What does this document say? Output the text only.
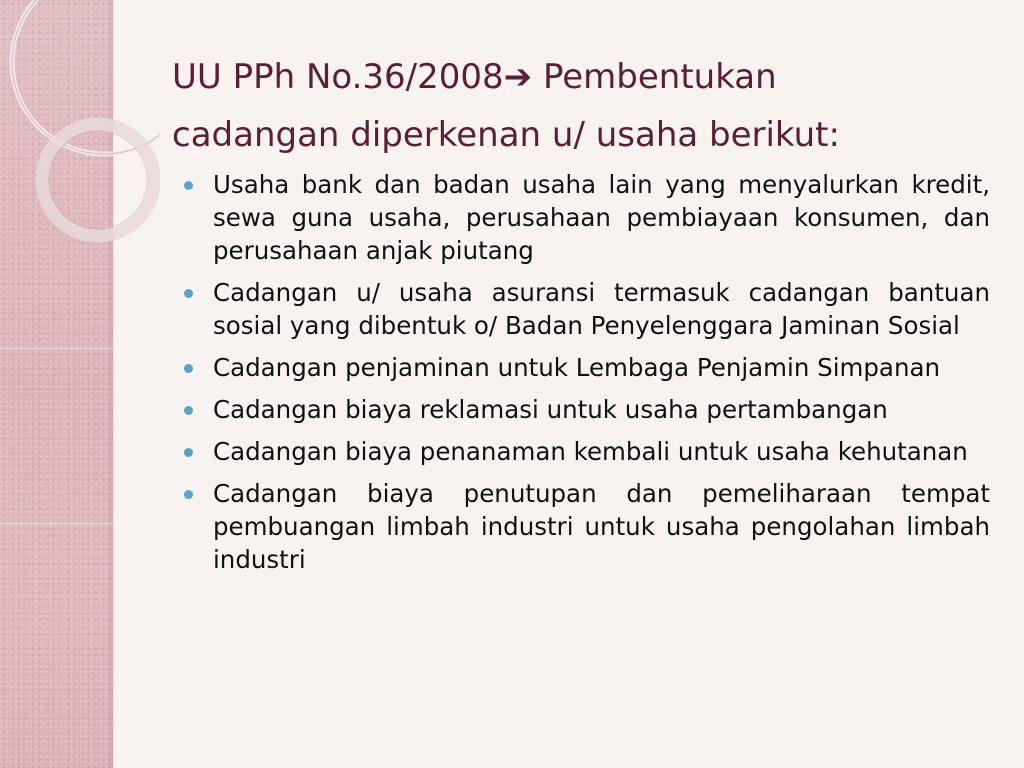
UU PPh No.36/2008➔ Pembentukan
cadangan diperkenan u/ usaha berikut:
Usaha bank dan badan usaha lain yang menyalurkan kredit, sewa guna usaha, perusahaan pembiayaan konsumen, dan perusahaan anjak piutang
Cadangan u/ usaha asuransi termasuk cadangan bantuan sosial yang dibentuk o/ Badan Penyelenggara Jaminan Sosial
Cadangan penjaminan untuk Lembaga Penjamin Simpanan
Cadangan biaya reklamasi untuk usaha pertambangan
Cadangan biaya penanaman kembali untuk usaha kehutanan
Cadangan biaya penutupan dan pemeliharaan tempat pembuangan limbah industri untuk usaha pengolahan limbah industri
